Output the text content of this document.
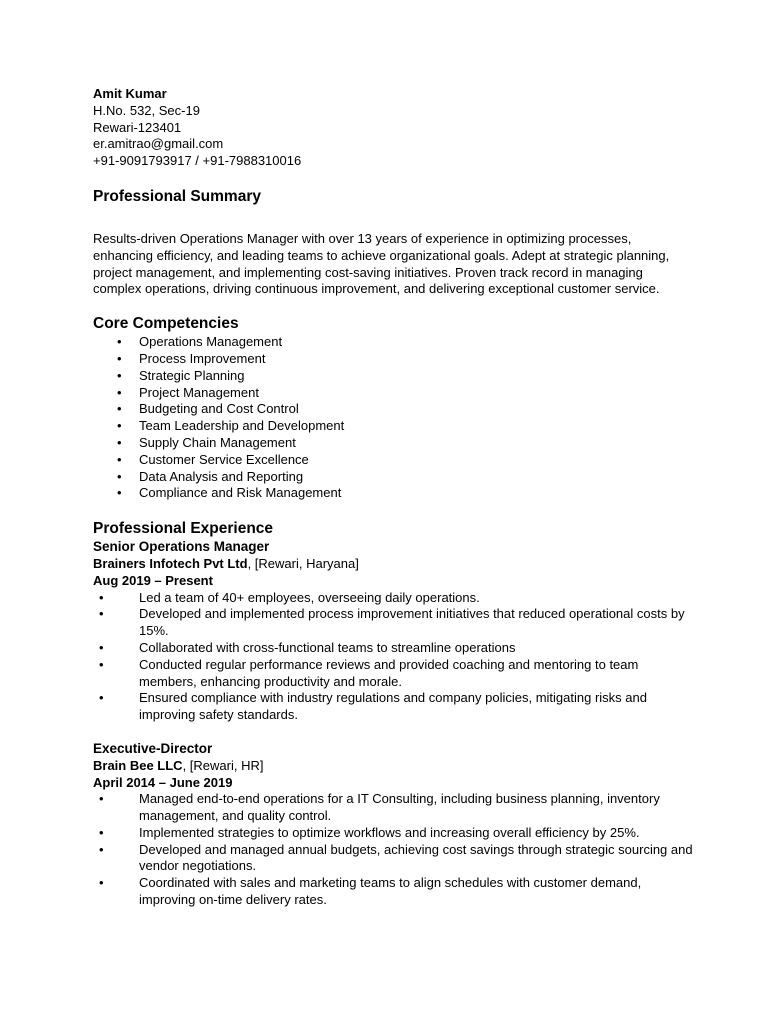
Amit Kumar
H.No. 532, Sec-19
Rewari-123401
er.amitrao@gmail.com
+91-9091793917 / +91-7988310016
Professional Summary
Results-driven Operations Manager with over 13 years of experience in optimizing processes, enhancing efficiency, and leading teams to achieve organizational goals. Adept at strategic planning, project management, and implementing cost-saving initiatives. Proven track record in managing complex operations, driving continuous improvement, and delivering exceptional customer service.
Core Competencies
• Operations Management
• Process Improvement
• Strategic Planning
• Project Management
• Budgeting and Cost Control
• Team Leadership and Development
• Supply Chain Management
• Customer Service Excellence
• Data Analysis and Reporting
• Compliance and Risk Management
Professional Experience
Senior Operations Manager
Brainers Infotech Pvt Ltd, [Rewari, Haryana]
Aug 2019 – Present
•	Led a team of 40+ employees, overseeing daily operations.
•	Developed and implemented process improvement initiatives that reduced operational costs by 15%.
•	Collaborated with cross-functional teams to streamline operations
•	Conducted regular performance reviews and provided coaching and mentoring to team members, enhancing productivity and morale.
•	Ensured compliance with industry regulations and company policies, mitigating risks and improving safety standards.
Executive-Director
Brain Bee LLC, [Rewari, HR]
April 2014 – June 2019
•	Managed end-to-end operations for a IT Consulting, including business planning, inventory management, and quality control.
•	Implemented strategies to optimize workflows and increasing overall efficiency by 25%.
•	Developed and managed annual budgets, achieving cost savings through strategic sourcing and vendor negotiations.
•	Coordinated with sales and marketing teams to align schedules with customer demand, improving on-time delivery rates.
